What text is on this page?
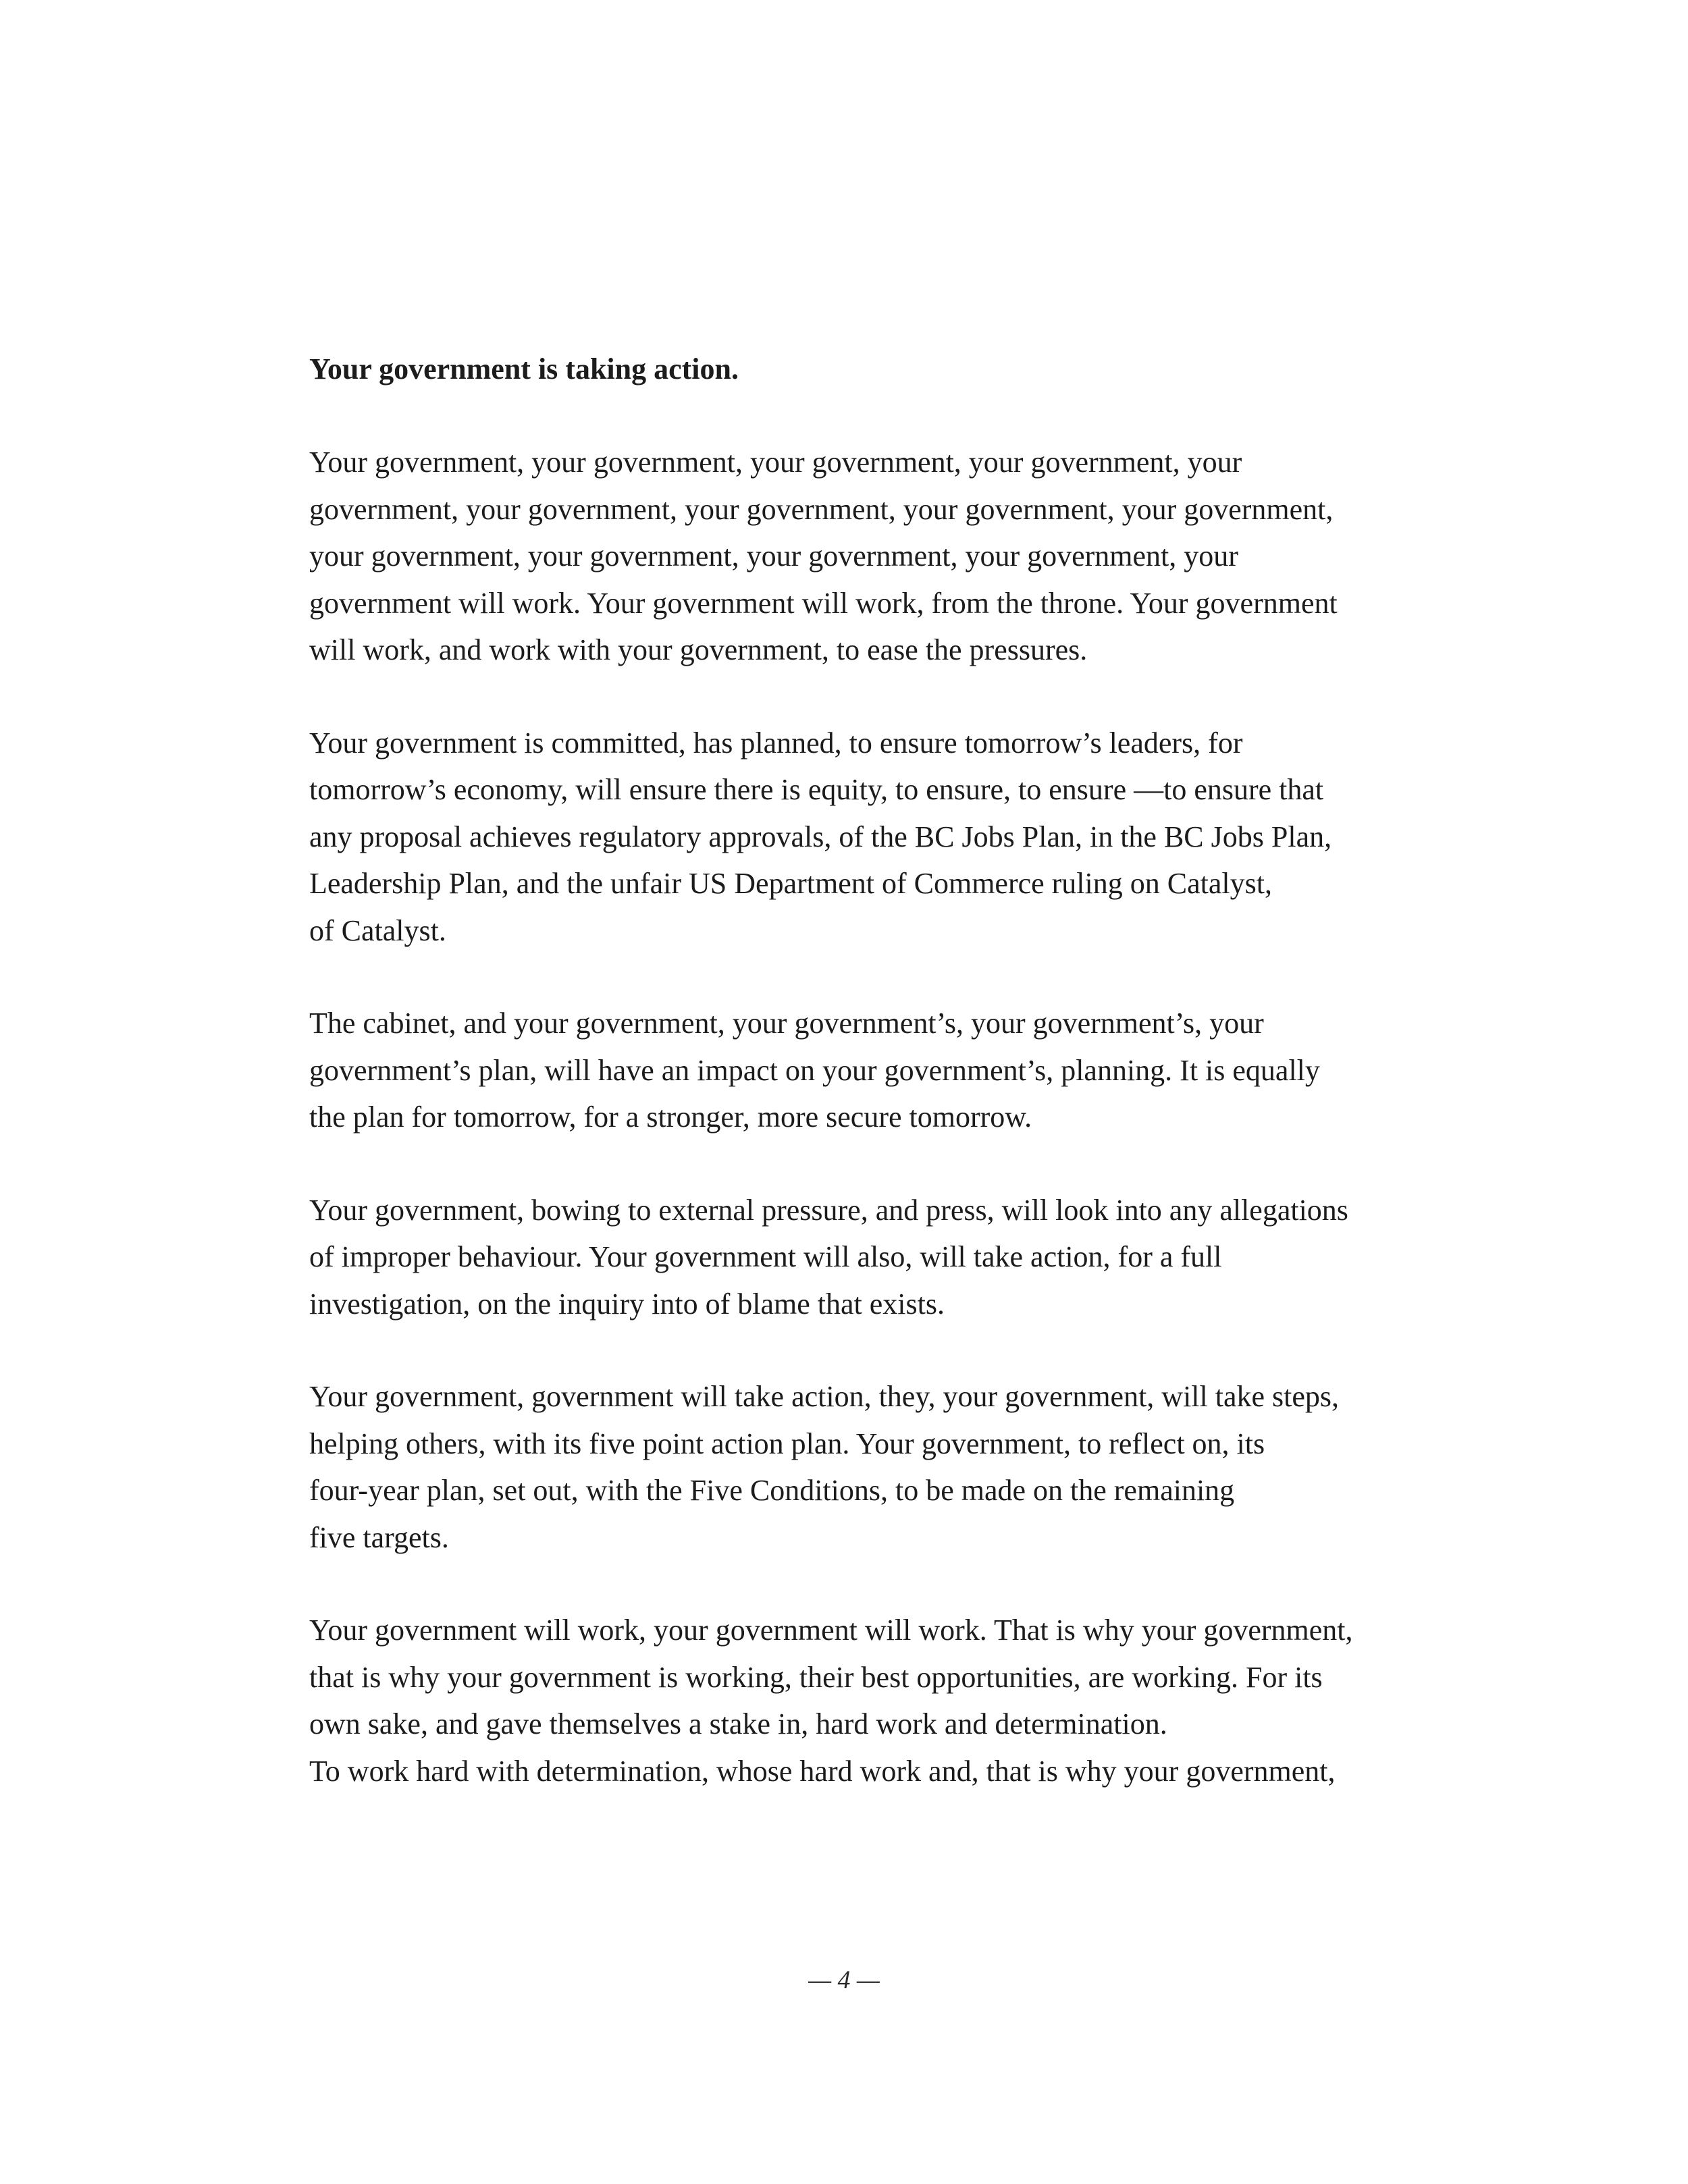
Your government is taking action.

Your government, your government, your government, your government, your
government, your government, your government, your government, your government,
your government, your government, your government, your government, your
government will work. Your government will work, from the throne. Your government
will work, and work with your government, to ease the pressures.

Your government is committed, has planned, to ensure tomorrow’s leaders, for
tomorrow’s economy, will ensure there is equity, to ensure, to ensure —to ensure that
any proposal achieves regulatory approvals, of the BC Jobs Plan, in the BC Jobs Plan,
Leadership Plan, and the unfair US Department of Commerce ruling on Catalyst,
of Catalyst.

The cabinet, and your government, your government’s, your government’s, your
government’s plan, will have an impact on your government’s, planning. It is equally
the plan for tomorrow, for a stronger, more secure tomorrow.

Your government, bowing to external pressure, and press, will look into any allegations
of improper behaviour. Your government will also, will take action, for a full
investigation, on the inquiry into of blame that exists.

Your government, government will take action, they, your government, will take steps,
helping others, with its five point action plan. Your government, to reflect on, its
four-year plan, set out, with the Five Conditions, to be made on the remaining
five targets.

Your government will work, your government will work. That is why your government,
that is why your government is working, their best opportunities, are working. For its
own sake, and gave themselves a stake in, hard work and determination.
To work hard with determination, whose hard work and, that is why your government,

— 4 —
